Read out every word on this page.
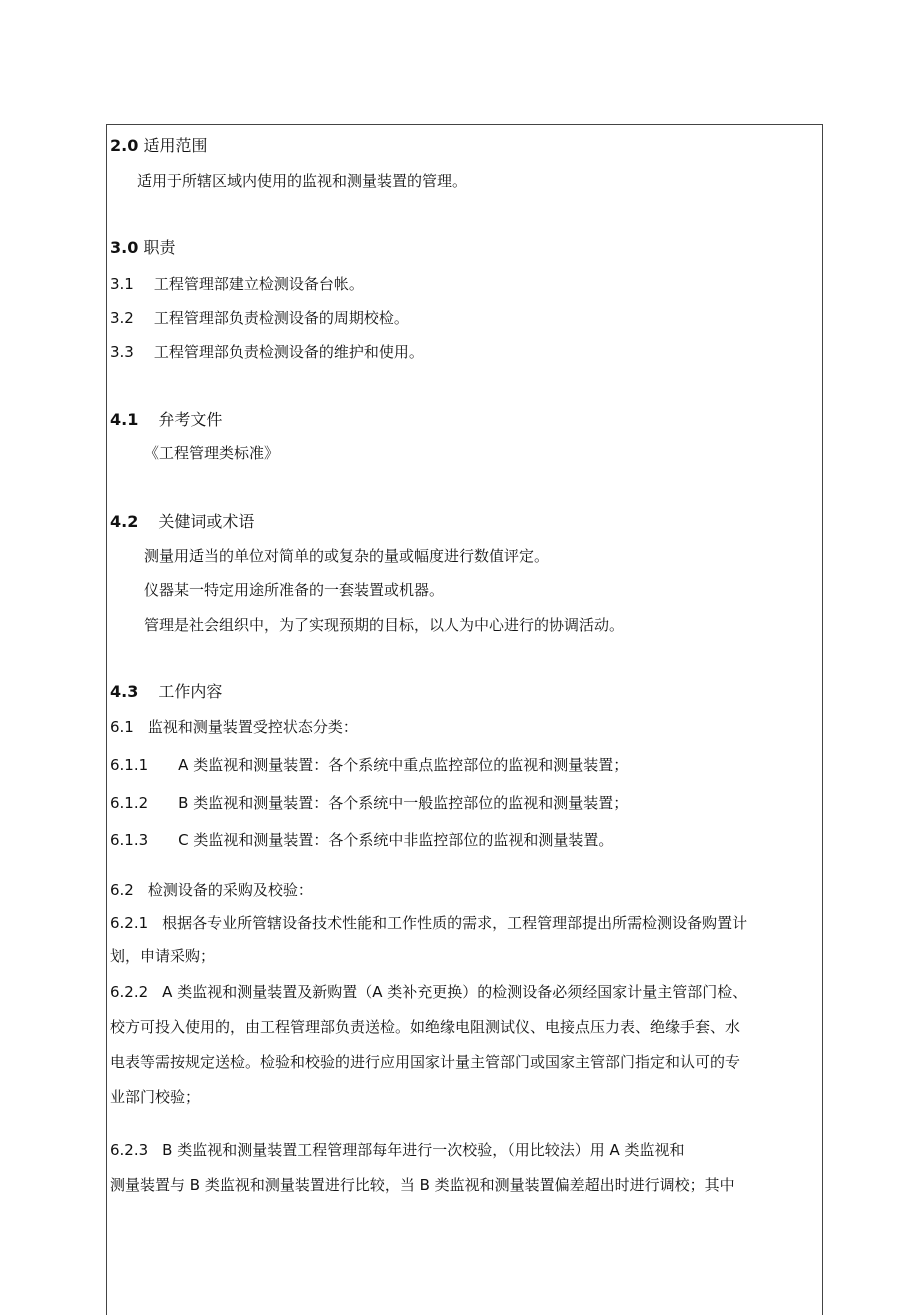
2.0 适用范围
适用于所辖区域内使用的监视和测量装置的管理。
3.0 职责
3.1 工程管理部建立检测设备台帐。
3.2 工程管理部负责检测设备的周期校检。
3.3 工程管理部负责检测设备的维护和使用。
4.1 弁考文件
《工程管理类标准》
4.2 关健词或术语
测量用适当的单位对简单的或复杂的量或幅度进行数值评定。
仪器某一特定用途所准备的一套装置或机器。
管理是社会组织中，为了实现预期的目标，以人为中心进行的协调活动。
4.3 工作内容
6.1 监视和测量装置受控状态分类：
6.1.1 A 类监视和测量装置：各个系统中重点监控部位的监视和测量装置；
6.1.2 B 类监视和测量装置：各个系统中一般监控部位的监视和测量装置；
6.1.3 C 类监视和测量装置：各个系统中非监控部位的监视和测量装置。
6.2 检测设备的采购及校验：
6.2.1 根据各专业所管辖设备技术性能和工作性质的需求，工程管理部提出所需检测设备购置计
划，申请采购；
6.2.2 A 类监视和测量装置及新购置（A 类补充更换）的检测设备必须经国家计量主管部门检、
校方可投入使用的，由工程管理部负责送检。如绝缘电阻测试仪、电接点压力表、绝缘手套、水
电表等需按规定送检。检验和校验的进行应用国家计量主管部门或国家主管部门指定和认可的专
业部门校验；
6.2.3 B 类监视和测量装置工程管理部每年进行一次校验，（用比较法）用 A 类监视和
测量装置与 B 类监视和测量装置进行比较，当 B 类监视和测量装置偏差超出时进行调校；其中
